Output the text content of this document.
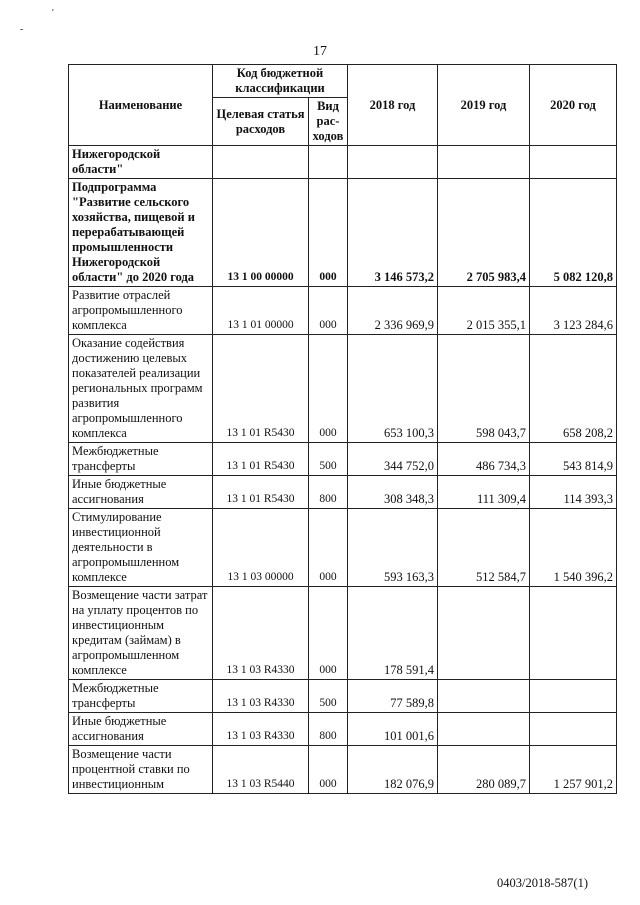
'
-
17
Наименование	Код бюджетной классификации		2018 год	2019 год	2020 год
	Целевая статья расходов	Вид рас-ходов			
Нижегородской области"					
Подпрограмма "Развитие сельского хозяйства, пищевой и перерабатывающей промышленности Нижегородской области" до 2020 года	13 1 00 00000	000	3 146 573,2	2 705 983,4	5 082 120,8
Развитие отраслей агропромышленного комплекса	13 1 01 00000	000	2 336 969,9	2 015 355,1	3 123 284,6
Оказание содействия достижению целевых показателей реализации региональных программ развития агропромышленного комплекса	13 1 01 R5430	000	653 100,3	598 043,7	658 208,2
Межбюджетные трансферты	13 1 01 R5430	500	344 752,0	486 734,3	543 814,9
Иные бюджетные ассигнования	13 1 01 R5430	800	308 348,3	111 309,4	114 393,3
Стимулирование инвестиционной деятельности в агропромышленном комплексе	13 1 03 00000	000	593 163,3	512 584,7	1 540 396,2
Возмещение части затрат на уплату процентов по инвестиционным кредитам (займам) в агропромышленном комплексе	13 1 03 R4330	000	178 591,4		
Межбюджетные трансферты	13 1 03 R4330	500	77 589,8		
Иные бюджетные ассигнования	13 1 03 R4330	800	101 001,6		
Возмещение части процентной ставки по инвестиционным	13 1 03 R5440	000	182 076,9	280 089,7	1 257 901,2
0403/2018-587(1)
